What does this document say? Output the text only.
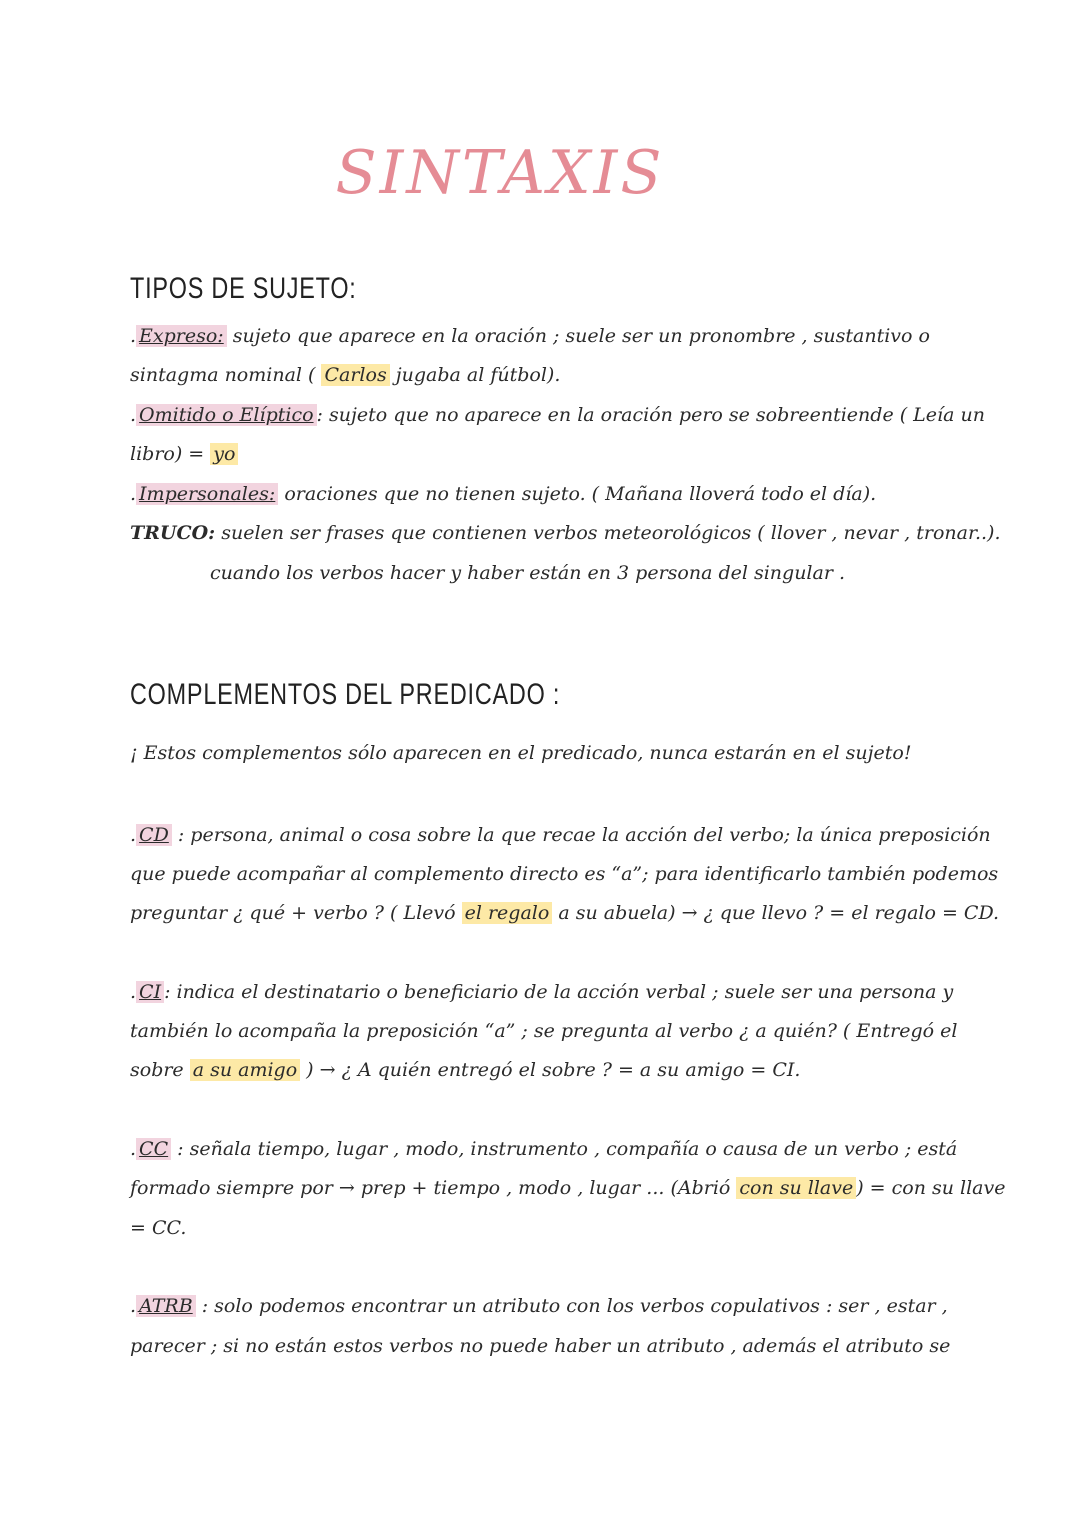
SINTAXIS
TIPOS DE SUJETO:
. Expreso: sujeto que aparece en la oración ; suele ser un pronombre , sustantivo o
sintagma nominal ( Carlos jugaba al fútbol).
. Omitido o Elíptico : sujeto que no aparece en la oración pero se sobreentiende ( Leía un
libro) = yo
. Impersonales: oraciones que no tienen sujeto. ( Mañana lloverá todo el día).
TRUCO: suelen ser frases que contienen verbos meteorológicos ( llover , nevar , tronar..).
cuando los verbos hacer y haber están en 3 persona del singular .
COMPLEMENTOS DEL PREDICADO :
¡ Estos complementos sólo aparecen en el predicado, nunca estarán en el sujeto!
. CD : persona, animal o cosa sobre la que recae la acción del verbo; la única preposición
que puede acompañar al complemento directo es “a”; para identificarlo también podemos
preguntar ¿ qué + verbo ? ( Llevó el regalo a su abuela) → ¿ que llevo ? = el regalo = CD.
. CI : indica el destinatario o beneficiario de la acción verbal ; suele ser una persona y
también lo acompaña la preposición “a” ; se pregunta al verbo ¿ a quién? ( Entregó el
sobre a su amigo ) → ¿ A quién entregó el sobre ? = a su amigo = CI.
. CC : señala tiempo, lugar , modo, instrumento , compañía o causa de un verbo ; está
formado siempre por → prep + tiempo , modo , lugar ... (Abrió con su llave ) = con su llave
= CC.
. ATRB : solo podemos encontrar un atributo con los verbos copulativos : ser , estar ,
parecer ; si no están estos verbos no puede haber un atributo , además el atributo se
